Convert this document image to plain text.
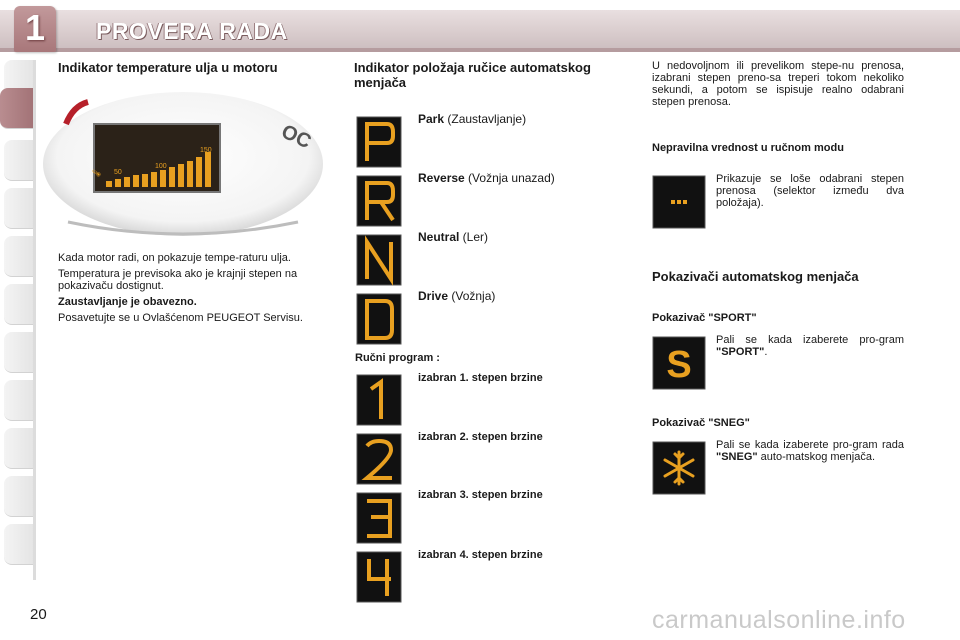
1	PROVERA RADA
Indikator temperature ulja u motoru
OC
🌡 50
100
150

Kada motor radi, on pokazuje tempe-raturu ulja.

Temperatura je previsoka ako je krajnji stepen na pokazivaču dostignut.

Zaustavljanje je obavezno.

Posavetujte se u Ovlašćenom PEUGEOT Servisu.

Indikator položaja ručice automatskog menjača
Park (Zaustavljanje)
Reverse (Vožnja unazad)
Neutral (Ler)
Drive (Vožnja)
Ručni program :
izabran 1. stepen brzine
izabran 2. stepen brzine
izabran 3. stepen brzine
izabran 4. stepen brzine

U nedovoljnom ili prevelikom stepe-nu prenosa, izabrani stepen preno-sa treperi tokom nekoliko sekundi, a potom se ispisuje realno odabrani stepen prenosa.

Nepravilna vrednost u ručnom modu

Prikazuje se loše odabrani stepen prenosa (selektor između dva položaja).

Pokazivači automatskog menjača
Pokazivač "SPORT"
S

Pali se kada izaberete pro-gram "SPORT".

Pokazivač "SNEG"

Pali se kada izaberete pro-gram rada "SNEG" auto-matskog menjača.

20	carmanualsonline.info
